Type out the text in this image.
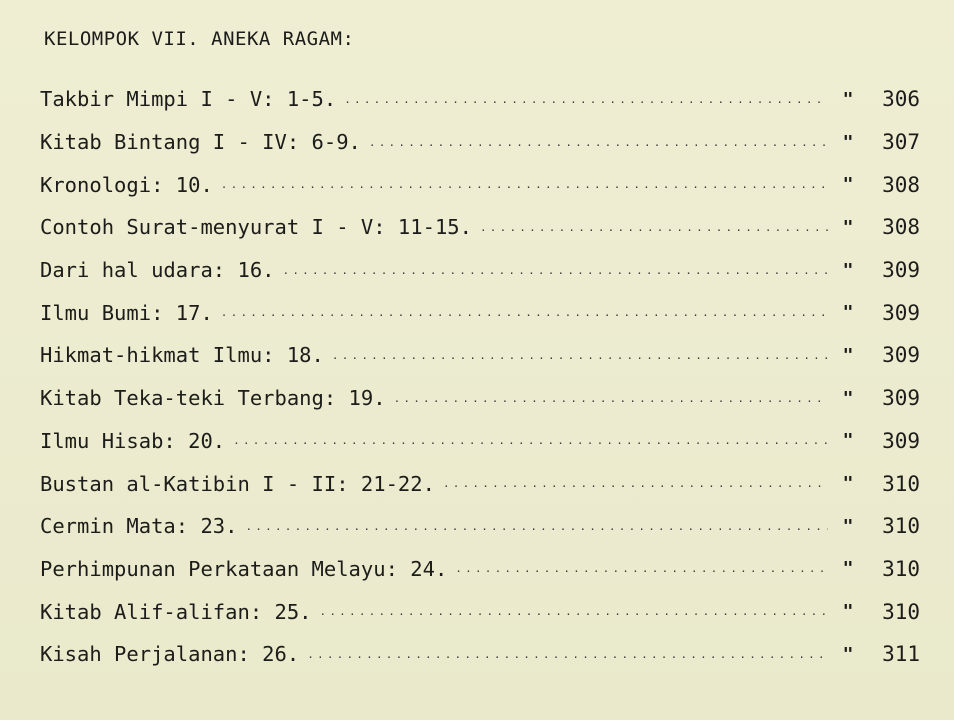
KELOMPOK VII. ANEKA RAGAM:
Takbir Mimpi I - V: 1-5. .....	"	306
Kitab Bintang I - IV: 6-9. .....	"	307
Kronologi: 10. .....	"	308
Contoh Surat-menyurat I - V: 11-15. .....	"	308
Dari hal udara: 16. .....	"	309
Ilmu Bumi: 17. .....	"	309
Hikmat-hikmat Ilmu: 18. .....	"	309
Kitab Teka-teki Terbang: 19. .....	"	309
Ilmu Hisab: 20. .....	"	309
Bustan al-Katibin I - II: 21-22. .....	"	310
Cermin Mata: 23. .....	"	310
Perhimpunan Perkataan Melayu: 24. .....	"	310
Kitab Alif-alifan: 25. .....	"	310
Kisah Perjalanan: 26. .....	"	311
